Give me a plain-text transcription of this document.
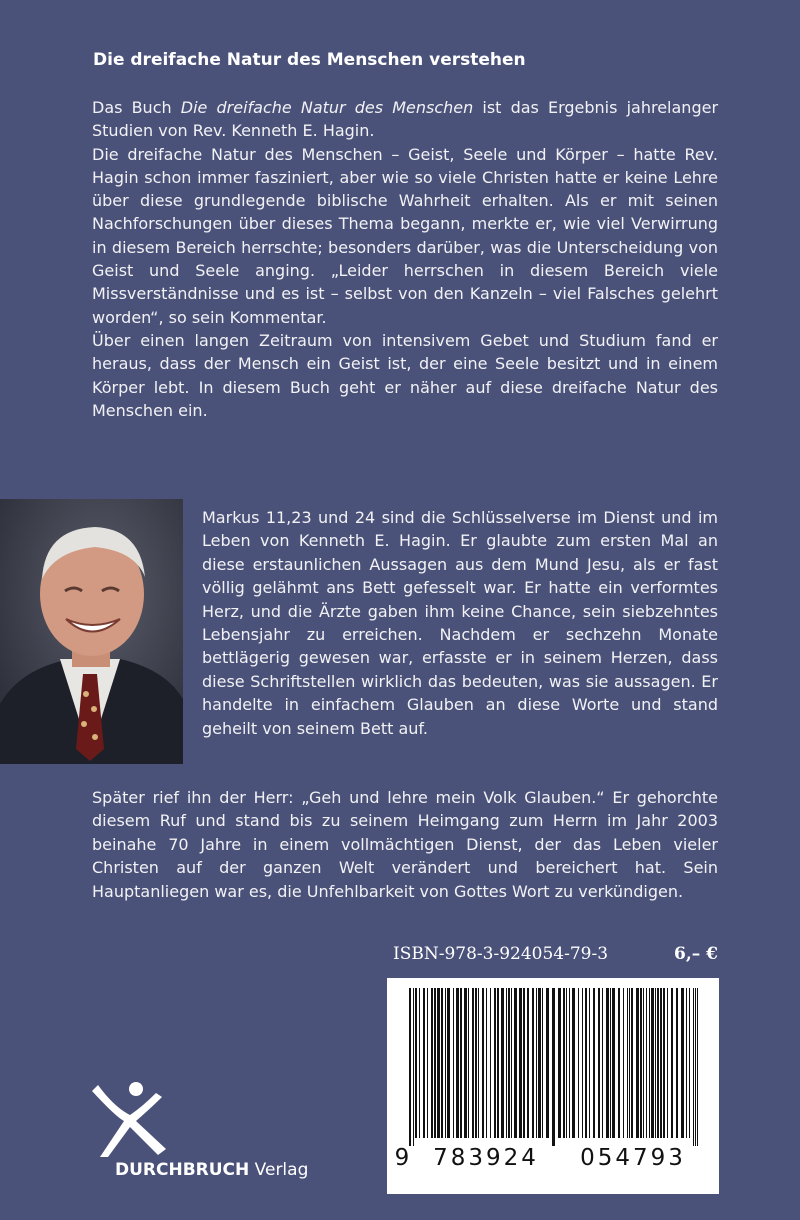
Die dreifache Natur des Menschen verstehen

Das Buch Die dreifache Natur des Menschen ist das Ergebnis jahrelanger Studien von Rev. Kenneth E. Hagin.

Die dreifache Natur des Menschen – Geist, Seele und Körper – hatte Rev. Hagin schon immer fasziniert, aber wie so viele Christen hatte er keine Lehre über diese grundlegende biblische Wahrheit erhalten. Als er mit seinen Nachforschungen über dieses Thema begann, merkte er, wie viel Verwirrung in diesem Bereich herrschte; besonders darüber, was die Unterscheidung von Geist und Seele anging. „Leider herrschen in diesem Bereich viele Missverständnisse und es ist – selbst von den Kanzeln – viel Falsches gelehrt worden“, so sein Kommentar.

Über einen langen Zeitraum von intensivem Gebet und Studium fand er heraus, dass der Mensch ein Geist ist, der eine Seele besitzt und in einem Körper lebt. In diesem Buch geht er näher auf diese dreifache Natur des Menschen ein.

Markus 11,23 und 24 sind die Schlüsselverse im Dienst und im Leben von Kenneth E. Hagin. Er glaubte zum ersten Mal an diese erstaunlichen Aussagen aus dem Mund Jesu, als er fast völlig gelähmt ans Bett gefesselt war. Er hatte ein verformtes Herz, und die Ärzte gaben ihm keine Chance, sein siebzehntes Lebensjahr zu erreichen. Nachdem er sechzehn Monate bettlägerig gewesen war, erfasste er in seinem Herzen, dass diese Schriftstellen wirklich das bedeuten, was sie aussagen. Er handelte in einfachem Glauben an diese Worte und stand geheilt von seinem Bett auf.

Später rief ihn der Herr: „Geh und lehre mein Volk Glauben.“ Er gehorchte diesem Ruf und stand bis zu seinem Heimgang zum Herrn im Jahr 2003 beinahe 70 Jahre in einem vollmächtigen Dienst, der das Leben vieler Christen auf der ganzen Welt verändert und bereichert hat. Sein Hauptanliegen war es, die Unfehlbarkeit von Gottes Wort zu verkündigen.

ISBN-978-3-924054-79-3	6,– €
9	783924	054793
DURCHBRUCH Verlag
